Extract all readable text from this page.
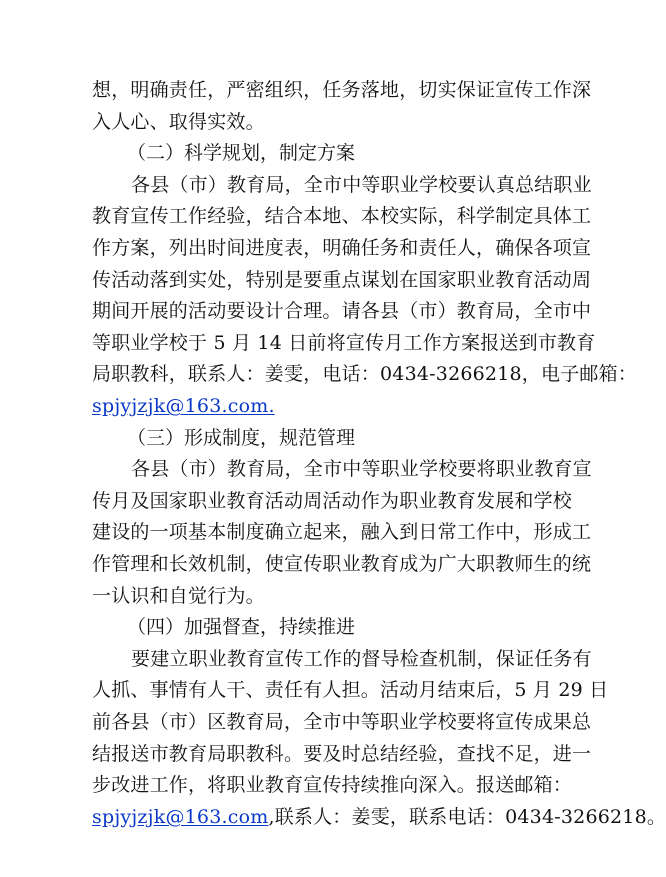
想，明确责任，严密组织，任务落地，切实保证宣传工作深
入人心、取得实效。
（二）科学规划，制定方案
各县（市）教育局，全市中等职业学校要认真总结职业
教育宣传工作经验，结合本地、本校实际，科学制定具体工
作方案，列出时间进度表，明确任务和责任人，确保各项宣
传活动落到实处，特别是要重点谋划在国家职业教育活动周
期间开展的活动要设计合理。请各县（市）教育局，全市中
等职业学校于 5 月 14 日前将宣传月工作方案报送到市教育
局职教科，联系人：姜雯，电话：0434-3266218，电子邮箱：
spjyjzjk@163.com.
（三）形成制度，规范管理
各县（市）教育局，全市中等职业学校要将职业教育宣
传月及国家职业教育活动周活动作为职业教育发展和学校
建设的一项基本制度确立起来，融入到日常工作中，形成工
作管理和长效机制，使宣传职业教育成为广大职教师生的统
一认识和自觉行为。
（四）加强督查，持续推进
要建立职业教育宣传工作的督导检查机制，保证任务有
人抓、事情有人干、责任有人担。活动月结束后，5 月 29 日
前各县（市）区教育局，全市中等职业学校要将宣传成果总
结报送市教育局职教科。要及时总结经验，查找不足，进一
步改进工作，将职业教育宣传持续推向深入。报送邮箱：
spjyjzjk@163.com,联系人：姜雯，联系电话：0434-3266218。
